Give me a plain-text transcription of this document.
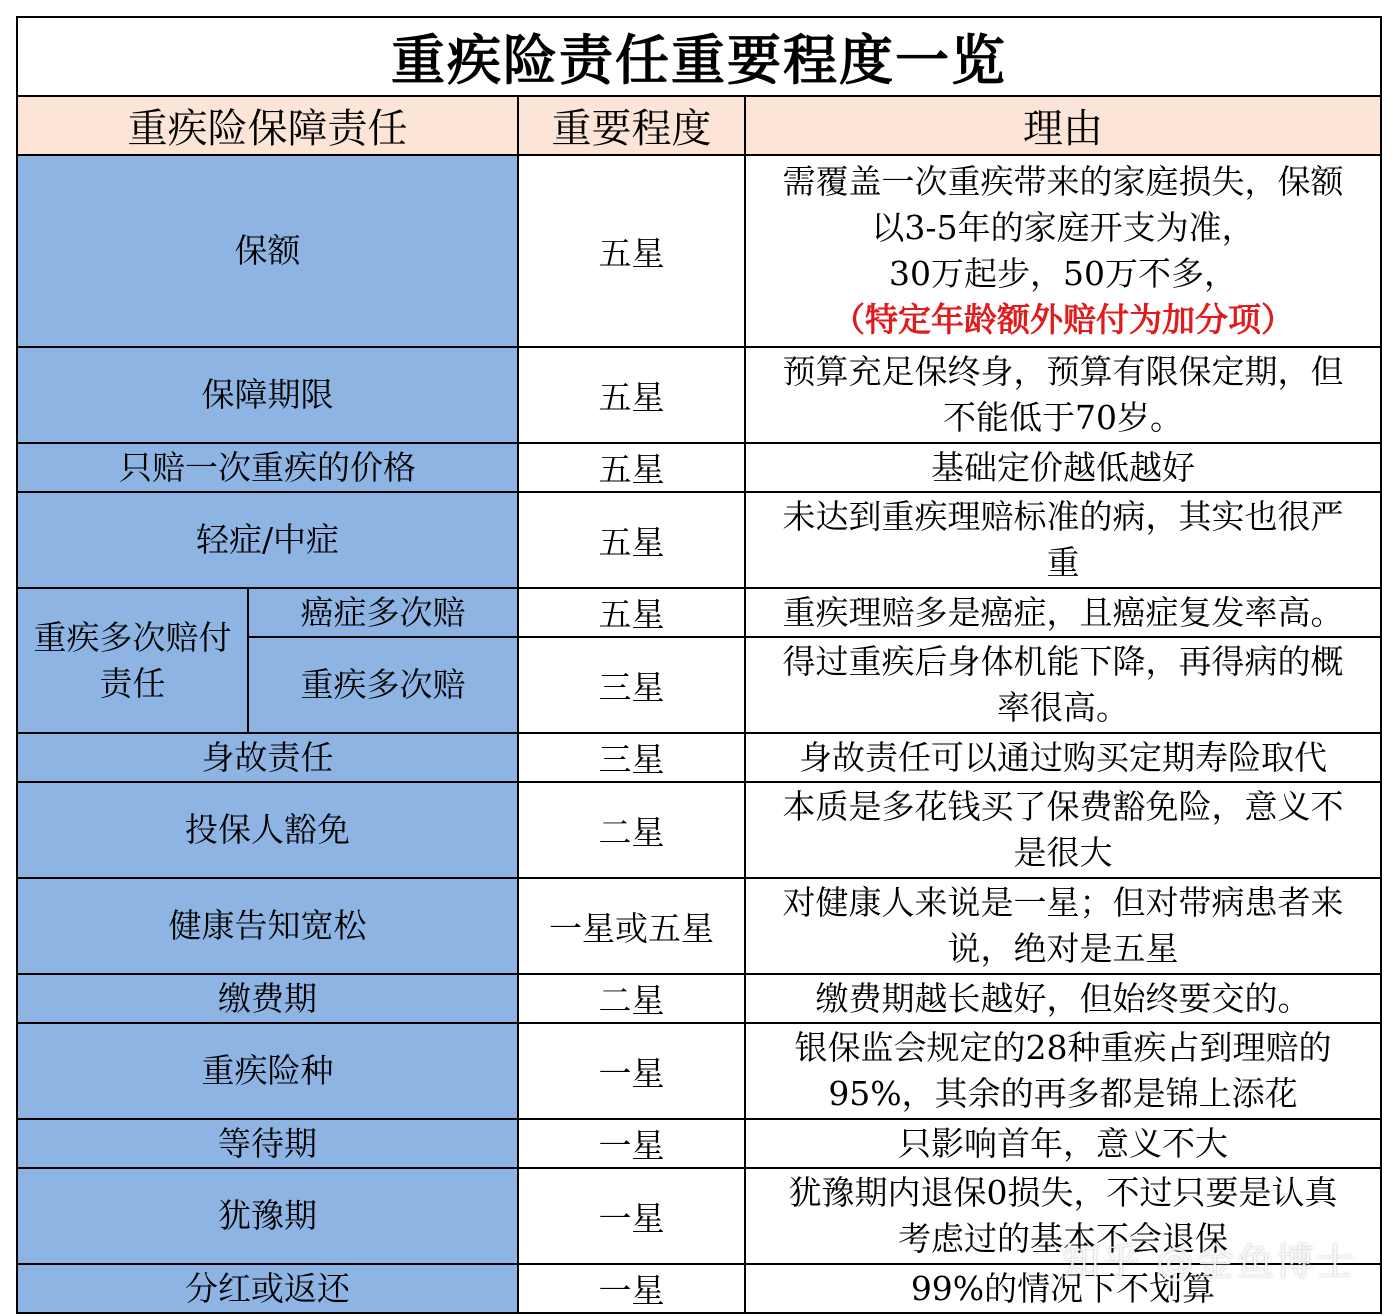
重疾险责任重要程度一览			
重疾险保障责任		重要程度	理由
保额		五星	需覆盖一次重疾带来的家庭损失，保额
以3-5年的家庭开支为准，
30万起步，50万不多，
（特定年龄额外赔付为加分项）

保障期限		五星	预算充足保终身，预算有限保定期，但
不能低于70岁。

只赔一次重疾的价格		五星	基础定价越低越好

轻症/中症		五星	未达到重疾理赔标准的病，其实也很严
重

重疾多次赔付
责任	癌症多次赔	五星	重疾理赔多是癌症，且癌症复发率高。

	重疾多次赔	三星	得过重疾后身体机能下降，再得病的概
率很高。

身故责任		三星	身故责任可以通过购买定期寿险取代

投保人豁免		二星	本质是多花钱买了保费豁免险，意义不
是很大

健康告知宽松		一星或五星	对健康人来说是一星；但对带病患者来
说，绝对是五星

缴费期		二星	缴费期越长越好，但始终要交的。

重疾险种		一星	银保监会规定的28种重疾占到理赔的
95%，其余的再多都是锦上添花

等待期		一星	只影响首年，意义不大

犹豫期		一星	犹豫期内退保0损失，不过只要是认真
考虑过的基本不会退保

分红或返还		一星	99%的情况下不划算
知乎 @金鱼博士
